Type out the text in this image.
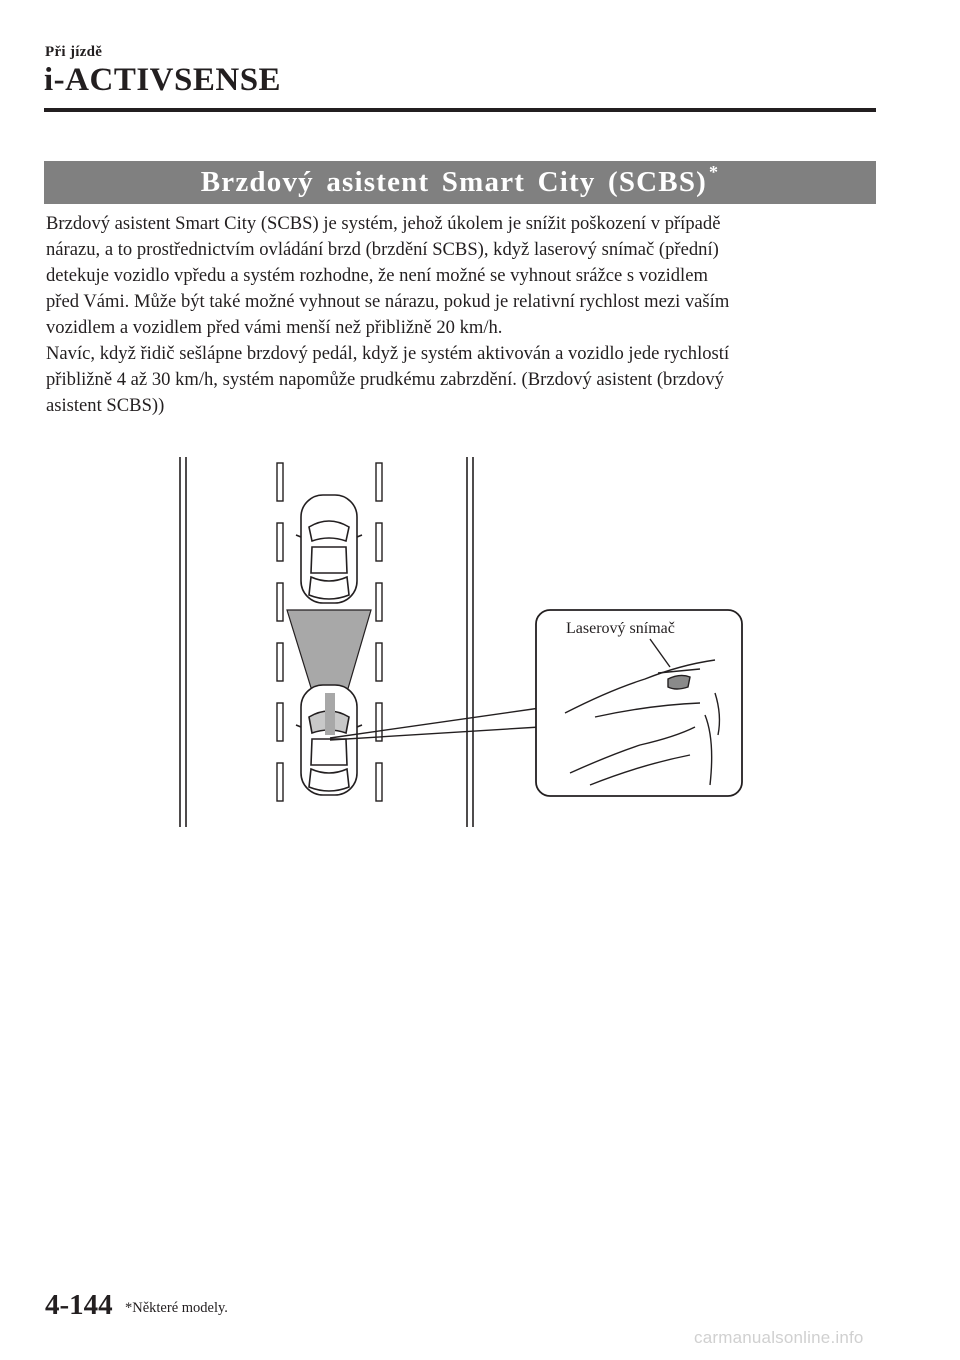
Při jízdě
i-ACTIVSENSE
Brzdový asistent Smart City (SCBS) *

Brzdový asistent Smart City (SCBS) je systém, jehož úkolem je snížit poškození v případě

nárazu, a to prostřednictvím ovládání brzd (brzdění SCBS), když laserový snímač (přední)

detekuje vozidlo vpředu a systém rozhodne, že není možné se vyhnout srážce s vozidlem

před Vámi. Může být také možné vyhnout se nárazu, pokud je relativní rychlost mezi vaším

vozidlem a vozidlem před vámi menší než přibližně 20 km/h.

Navíc, když řidič sešlápne brzdový pedál, když je systém aktivován a vozidlo jede rychlostí

přibližně 4 až 30 km/h, systém napomůže prudkému zabrzdění. (Brzdový asistent (brzdový

asistent SCBS))

Laserový snímač
4-144 *Některé modely.
carmanualsonline.info
